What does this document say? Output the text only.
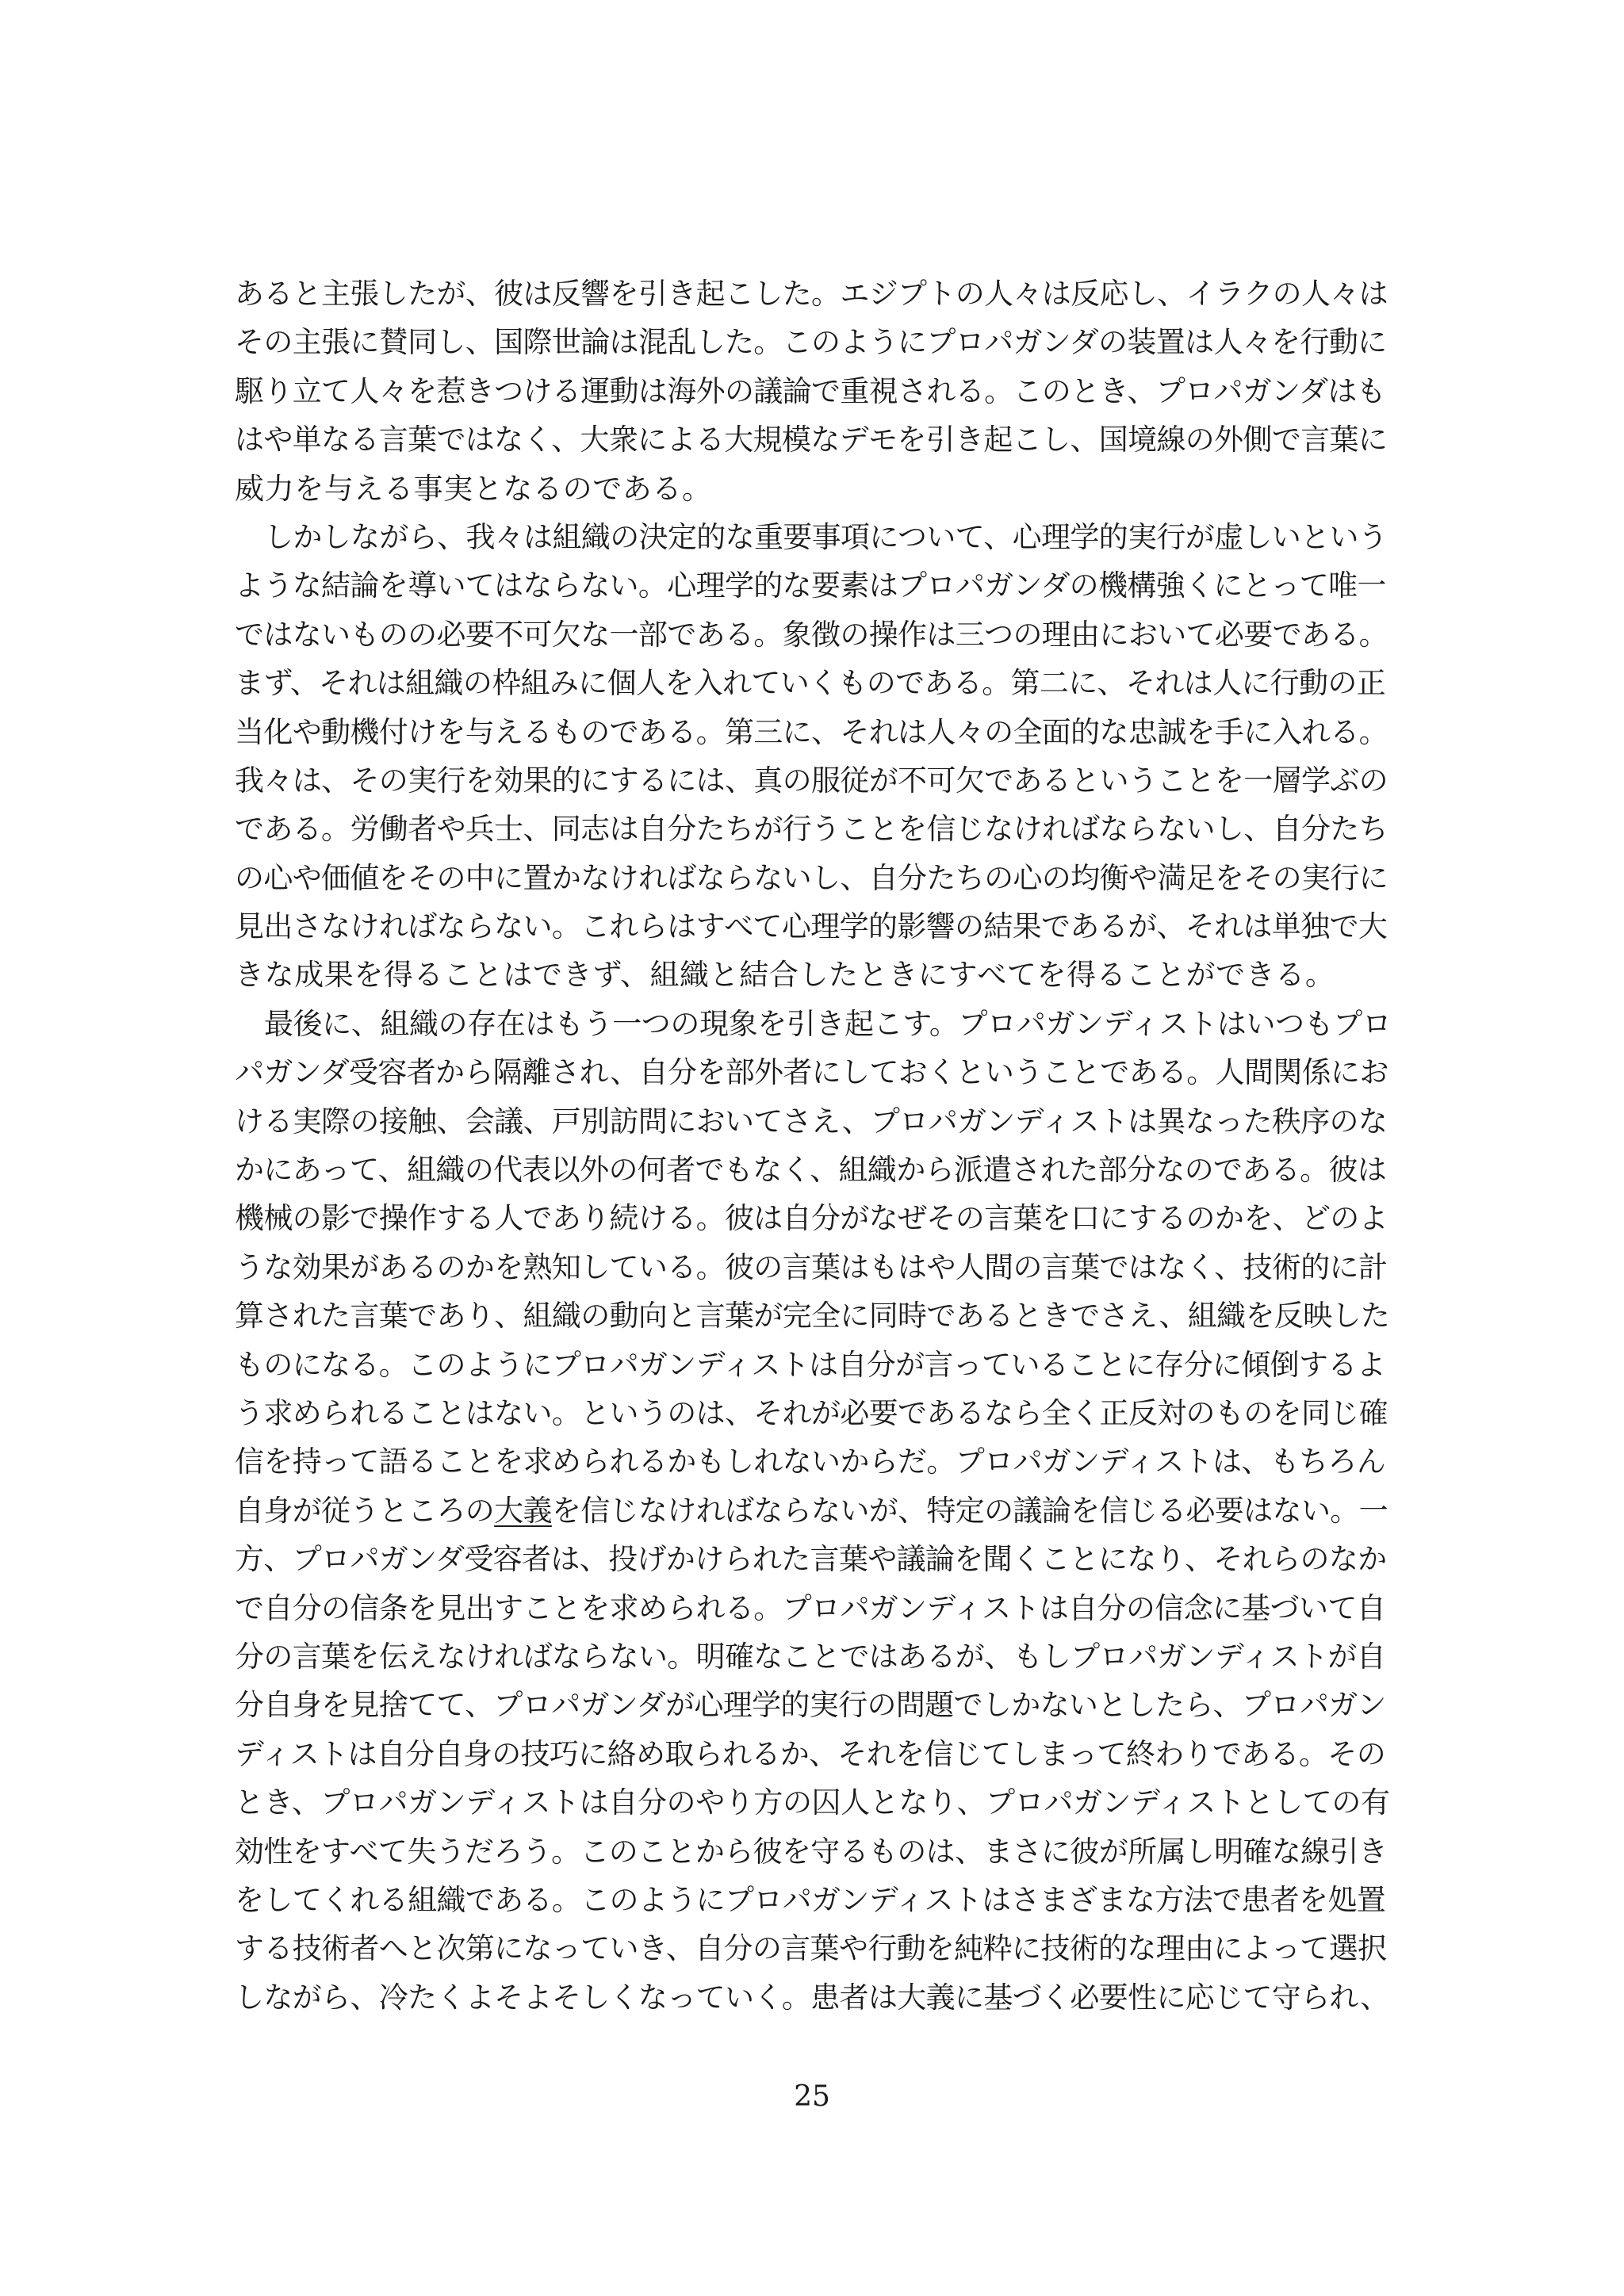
あると主張したが、彼は反響を引き起こした。エジプトの人々は反応し、イラクの人々は
その主張に賛同し、国際世論は混乱した。このようにプロパガンダの装置は人々を行動に
駆り立て人々を惹きつける運動は海外の議論で重視される。このとき、プロパガンダはも
はや単なる言葉ではなく、大衆による大規模なデモを引き起こし、国境線の外側で言葉に
威力を与える事実となるのである。
しかしながら、我々は組織の決定的な重要事項について、心理学的実行が虚しいという
ような結論を導いてはならない。心理学的な要素はプロパガンダの機構強くにとって唯一
ではないものの必要不可欠な一部である。象徴の操作は三つの理由において必要である。
まず、それは組織の枠組みに個人を入れていくものである。第二に、それは人に行動の正
当化や動機付けを与えるものである。第三に、それは人々の全面的な忠誠を手に入れる。
我々は、その実行を効果的にするには、真の服従が不可欠であるということを一層学ぶの
である。労働者や兵士、同志は自分たちが行うことを信じなければならないし、自分たち
の心や価値をその中に置かなければならないし、自分たちの心の均衡や満足をその実行に
見出さなければならない。これらはすべて心理学的影響の結果であるが、それは単独で大
きな成果を得ることはできず、組織と結合したときにすべてを得ることができる。
最後に、組織の存在はもう一つの現象を引き起こす。プロパガンディストはいつもプロ
パガンダ受容者から隔離され、自分を部外者にしておくということである。人間関係にお
ける実際の接触、会議、戸別訪問においてさえ、プロパガンディストは異なった秩序のな
かにあって、組織の代表以外の何者でもなく、組織から派遣された部分なのである。彼は
機械の影で操作する人であり続ける。彼は自分がなぜその言葉を口にするのかを、どのよ
うな効果があるのかを熟知している。彼の言葉はもはや人間の言葉ではなく、技術的に計
算された言葉であり、組織の動向と言葉が完全に同時であるときでさえ、組織を反映した
ものになる。このようにプロパガンディストは自分が言っていることに存分に傾倒するよ
う求められることはない。というのは、それが必要であるなら全く正反対のものを同じ確
信を持って語ることを求められるかもしれないからだ。プロパガンディストは、もちろん
自身が従うところの大義を信じなければならないが、特定の議論を信じる必要はない。一
方、プロパガンダ受容者は、投げかけられた言葉や議論を聞くことになり、それらのなか
で自分の信条を見出すことを求められる。プロパガンディストは自分の信念に基づいて自
分の言葉を伝えなければならない。明確なことではあるが、もしプロパガンディストが自
分自身を見捨てて、プロパガンダが心理学的実行の問題でしかないとしたら、プロパガン
ディストは自分自身の技巧に絡め取られるか、それを信じてしまって終わりである。その
とき、プロパガンディストは自分のやり方の囚人となり、プロパガンディストとしての有
効性をすべて失うだろう。このことから彼を守るものは、まさに彼が所属し明確な線引き
をしてくれる組織である。このようにプロパガンディストはさまざまな方法で患者を処置
する技術者へと次第になっていき、自分の言葉や行動を純粋に技術的な理由によって選択
しながら、冷たくよそよそしくなっていく。患者は大義に基づく必要性に応じて守られ、
25
